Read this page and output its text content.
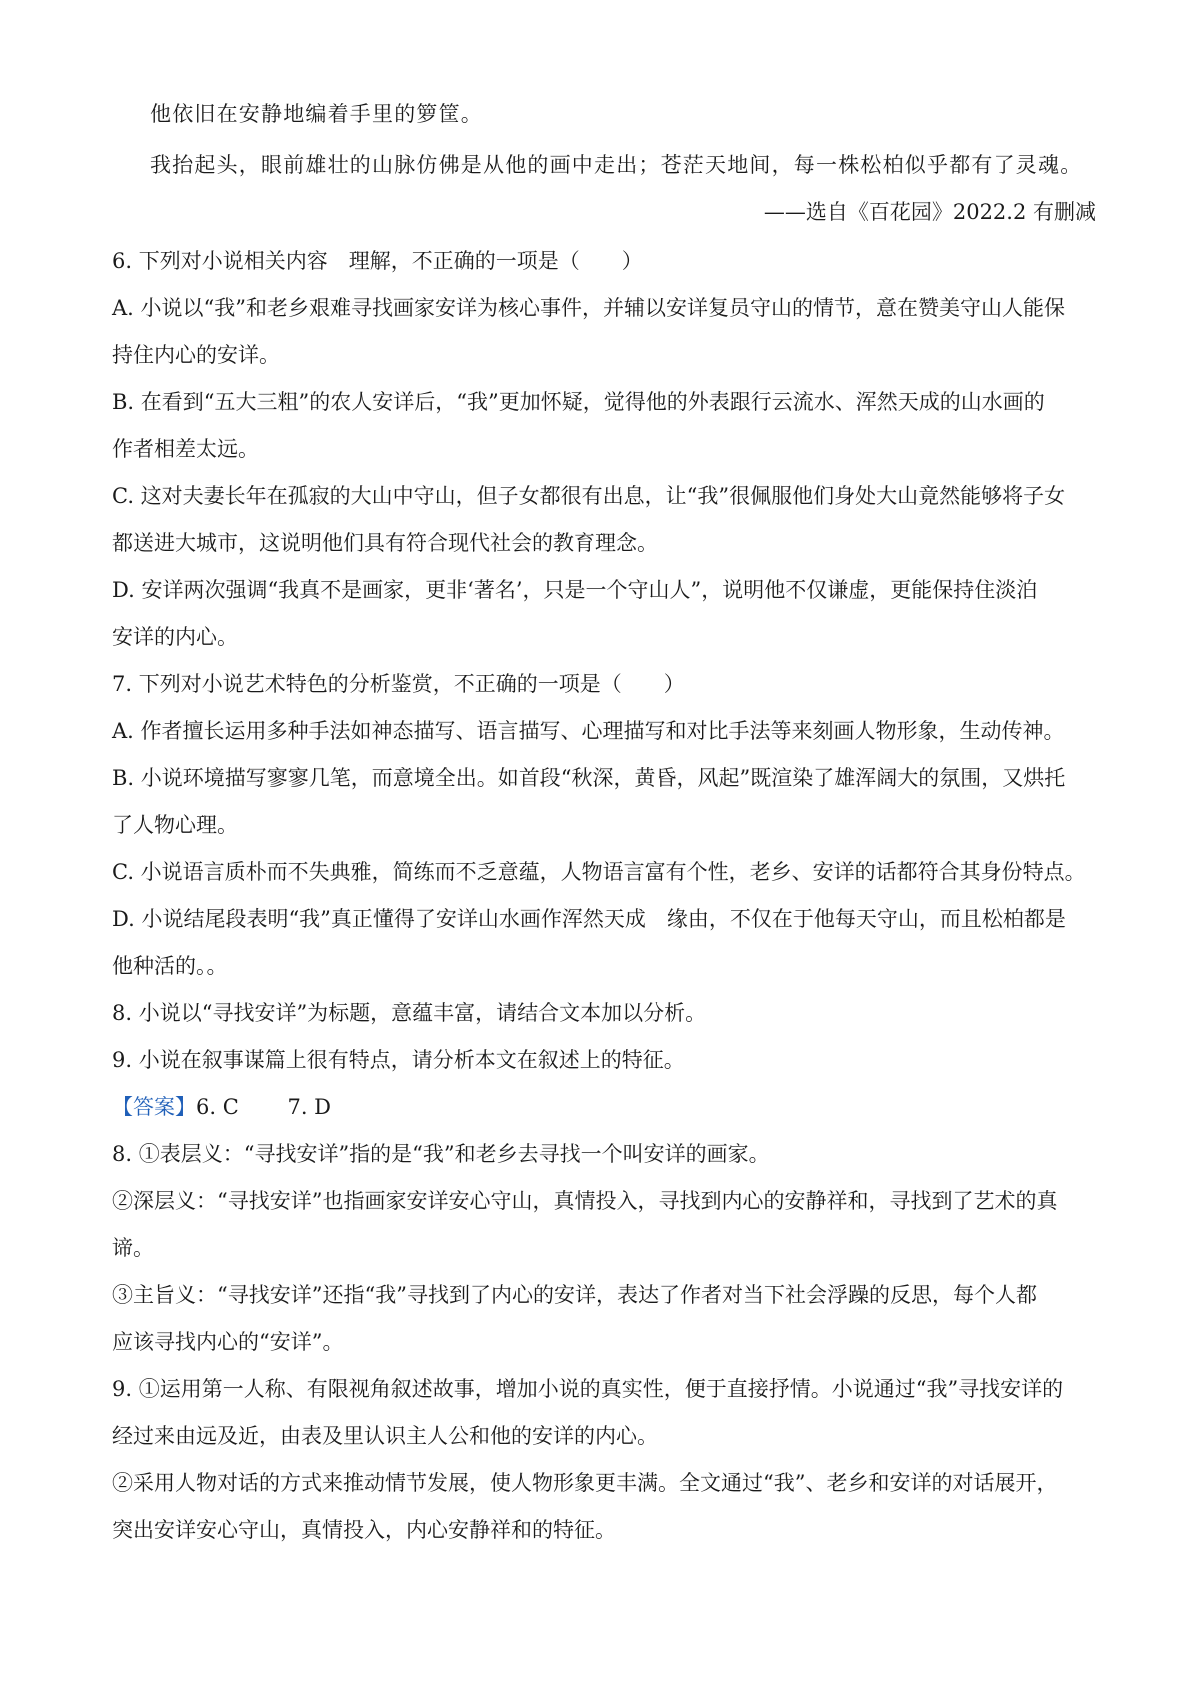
他依旧在安静地编着手里的箩筐。
我抬起头，眼前雄壮的山脉仿佛是从他的画中走出；苍茫天地间，每一株松柏似乎都有了灵魂。
——选自《百花园》2022.2 有删减
6. 下列对小说相关内容　理解，不正确的一项是（　　）
A. 小说以“我”和老乡艰难寻找画家安详为核心事件，并辅以安详复员守山的情节，意在赞美守山人能保
持住内心的安详。
B. 在看到“五大三粗”的农人安详后，“我”更加怀疑，觉得他的外表跟行云流水、浑然天成的山水画的
作者相差太远。
C. 这对夫妻长年在孤寂的大山中守山，但子女都很有出息，让“我”很佩服他们身处大山竟然能够将子女
都送进大城市，这说明他们具有符合现代社会的教育理念。
D. 安详两次强调“我真不是画家，更非‘著名’，只是一个守山人”，说明他不仅谦虚，更能保持住淡泊
安详的内心。
7. 下列对小说艺术特色的分析鉴赏，不正确的一项是（　　）
A. 作者擅长运用多种手法如神态描写、语言描写、心理描写和对比手法等来刻画人物形象，生动传神。
B. 小说环境描写寥寥几笔，而意境全出。如首段“秋深，黄昏，风起”既渲染了雄浑阔大的氛围，又烘托
了人物心理。
C. 小说语言质朴而不失典雅，简练而不乏意蕴，人物语言富有个性，老乡、安详的话都符合其身份特点。
D. 小说结尾段表明“我”真正懂得了安详山水画作浑然天成　缘由，不仅在于他每天守山，而且松柏都是
他种活的。。
8. 小说以“寻找安详”为标题，意蕴丰富，请结合文本加以分析。
9. 小说在叙事谋篇上很有特点，请分析本文在叙述上的特征。
【答案】6. C　　 7. D
8. ①表层义：“寻找安详”指的是“我”和老乡去寻找一个叫安详的画家。
②深层义：“寻找安详”也指画家安详安心守山，真情投入，寻找到内心的安静祥和，寻找到了艺术的真
谛。
③主旨义：“寻找安详”还指“我”寻找到了内心的安详，表达了作者对当下社会浮躁的反思，每个人都
应该寻找内心的“安详”。
9. ①运用第一人称、有限视角叙述故事，增加小说的真实性，便于直接抒情。小说通过“我”寻找安详的
经过来由远及近，由表及里认识主人公和他的安详的内心。
②采用人物对话的方式来推动情节发展，使人物形象更丰满。全文通过“我”、老乡和安详的对话展开，
突出安详安心守山，真情投入，内心安静祥和的特征。
